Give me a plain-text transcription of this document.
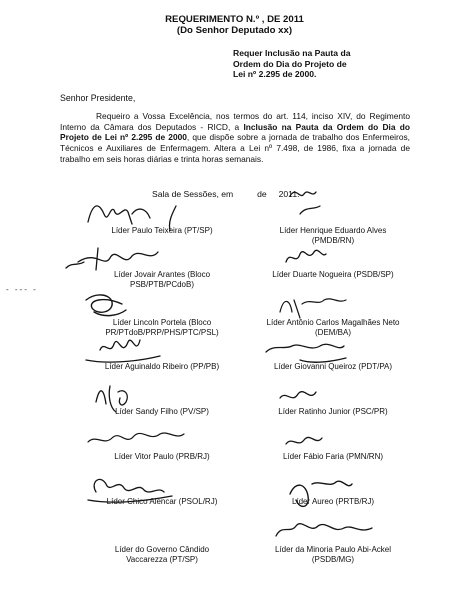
REQUERIMENTO N.º , DE 2011
(Do Senhor Deputado xx)
Requer Inclusão na Pauta da
Ordem do Dia do Projeto de
Lei nº 2.295 de 2000.
Senhor Presidente,
Requeiro a Vossa Excelência, nos termos do art. 114, inciso XIV, do Regimento Interno da Câmara dos Deputados - RICD, a Inclusão na Pauta da Ordem do Dia do Projeto de Lei nº 2.295 de 2000, que dispõe sobre a jornada de trabalho dos Enfermeiros, Técnicos e Auxiliares de Enfermagem. Altera a Lei nº 7.498, de 1986, fixa a jornada de trabalho em seis horas diárias e trinta horas semanais.
Sala de Sessões, em	de 2011.
- --- -
Líder Paulo Teixeira (PT/SP)
Líder Jovair Arantes (Bloco
PSB/PTB/PCdoB)
Líder Lincoln Portela (Bloco
PR/PTdoB/PRP/PHS/PTC/PSL)
Líder Aguinaldo Ribeiro (PP/PB)
Líder Sandy Filho (PV/SP)
Líder Vitor Paulo (PRB/RJ)
Líder Chico Alencar (PSOL/RJ)
Líder do Governo Cândido
Vaccarezza (PT/SP)
Líder Henrique Eduardo Alves
(PMDB/RN)
Líder Duarte Nogueira (PSDB/SP)
Líder Antônio Carlos Magalhães Neto
(DEM/BA)
Líder Giovanni Queiroz (PDT/PA)
Líder Ratinho Junior (PSC/PR)
Líder Fábio Faria (PMN/RN)
Líder Aureo (PRTB/RJ)
Líder da Minoria Paulo Abi-Ackel
(PSDB/MG)
